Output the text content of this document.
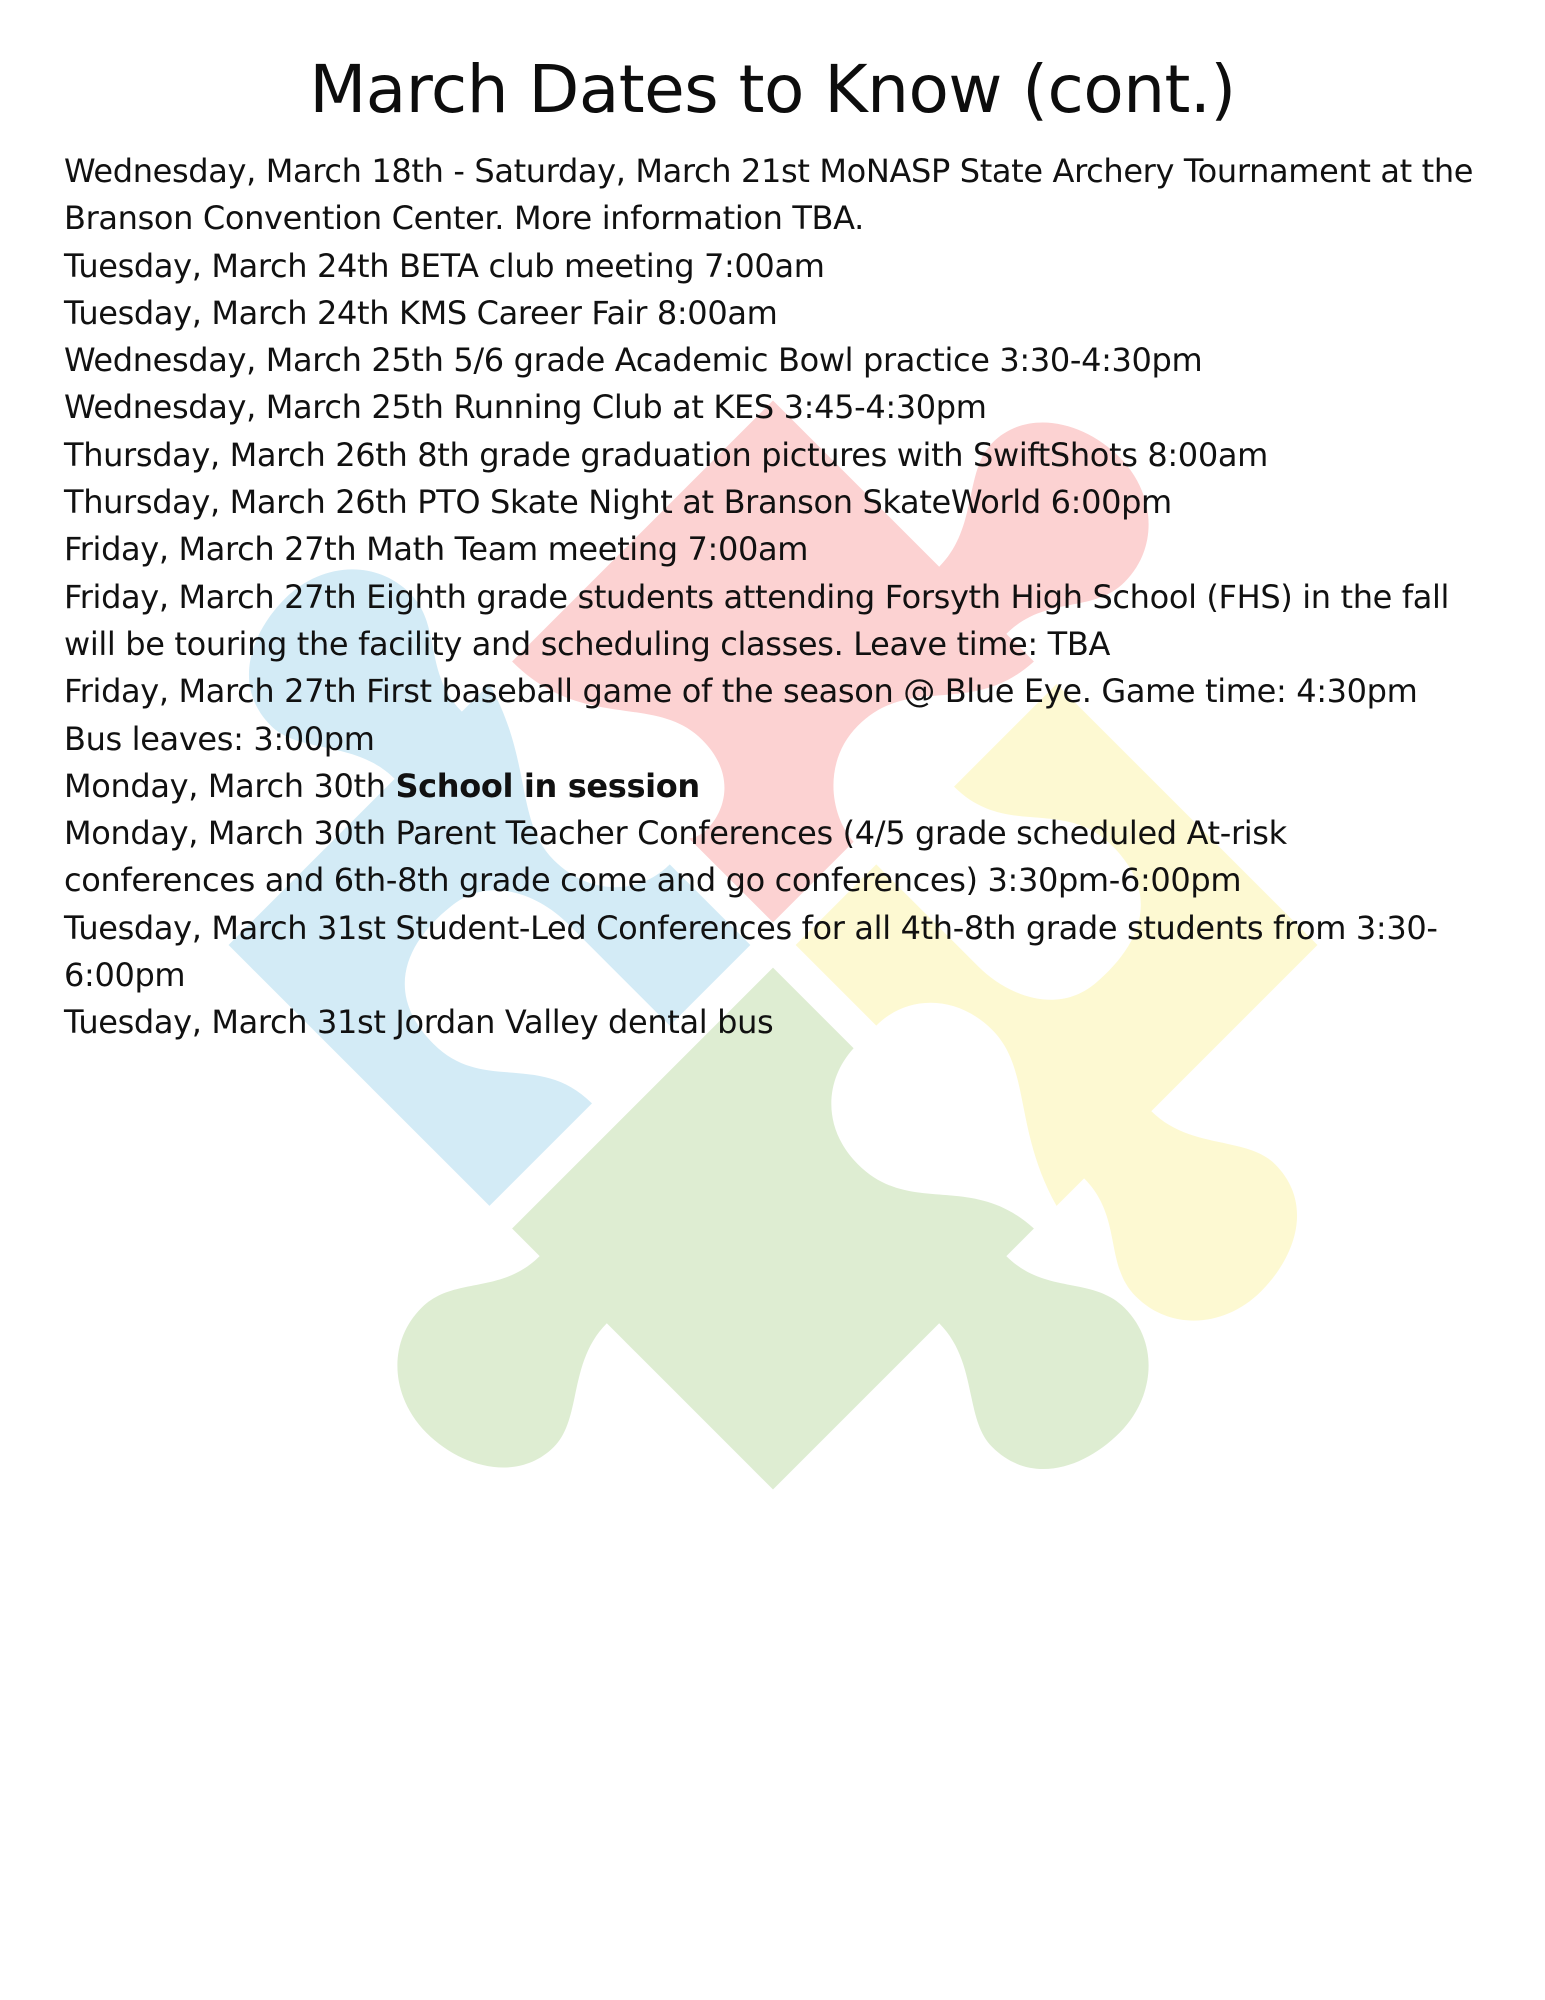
March Dates to Know (cont.)
Wednesday, March 18th - Saturday, March 21st MoNASP State Archery Tournament at the Branson Convention Center. More information TBA.
Tuesday, March 24th BETA club meeting 7:00am
Tuesday, March 24th KMS Career Fair 8:00am
Wednesday, March 25th 5/6 grade Academic Bowl practice 3:30-4:30pm
Wednesday, March 25th Running Club at KES 3:45-4:30pm
Thursday, March 26th 8th grade graduation pictures with SwiftShots 8:00am
Thursday, March 26th PTO Skate Night at Branson SkateWorld 6:00pm
Friday, March 27th Math Team meeting 7:00am
Friday, March 27th Eighth grade students attending Forsyth High School (FHS) in the fall will be touring the facility and scheduling classes. Leave time: TBA
Friday, March 27th First baseball game of the season @ Blue Eye. Game time: 4:30pm Bus leaves: 3:00pm
Monday, March 30th School in session
Monday, March 30th Parent Teacher Conferences (4/5 grade scheduled At-risk conferences and 6th-8th grade come and go conferences) 3:30pm-6:00pm
Tuesday, March 31st Student-Led Conferences for all 4th-8th grade students from 3:30-6:00pm
Tuesday, March 31st Jordan Valley dental bus
